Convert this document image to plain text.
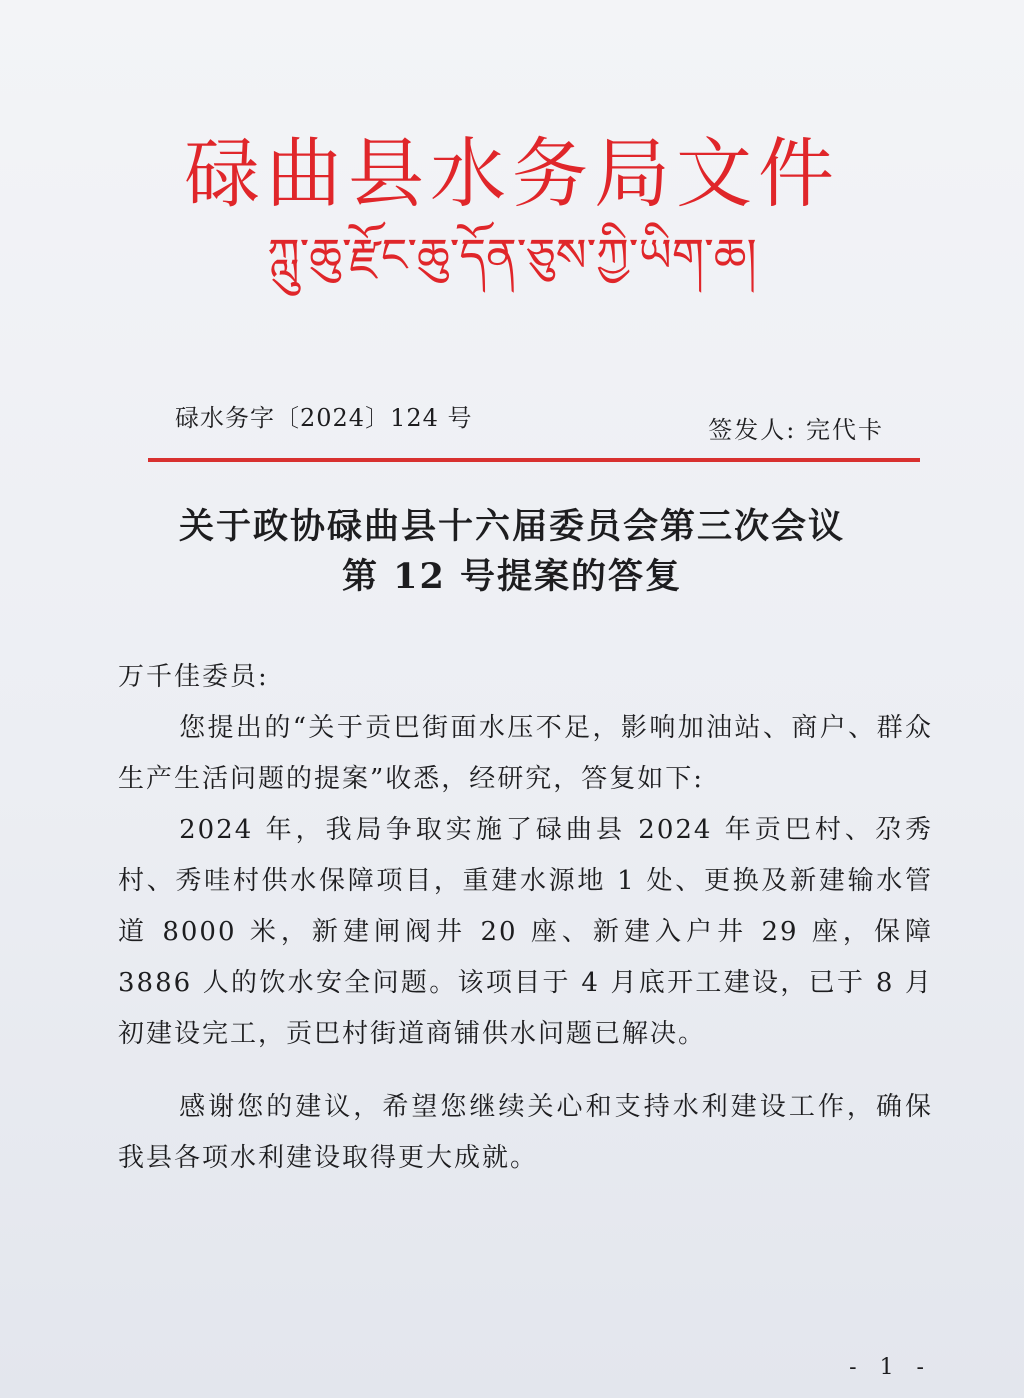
碌曲县水务局文件
ཀླུ་ཆུ་རྫོང་ཆུ་དོན་ཅུས་ཀྱི་ཡིག་ཆ།
碌水务字〔2024〕124 号	签发人: 完代卡
关于政协碌曲县十六届委员会第三次会议
第 12 号提案的答复

万千佳委员:

您提出的“关于贡巴街面水压不足，影响加油站、商户、群众生产生活问题的提案”收悉，经研究，答复如下:

2024 年，我局争取实施了碌曲县 2024 年贡巴村、尕秀村、秀哇村供水保障项目，重建水源地 1 处、更换及新建输水管道 8000 米，新建闸阀井 20 座、新建入户井 29 座，保障 3886 人的饮水安全问题。该项目于 4 月底开工建设，已于 8 月初建设完工，贡巴村街道商铺供水问题已解决。

感谢您的建议，希望您继续关心和支持水利建设工作，确保我县各项水利建设取得更大成就。

- 1 -
